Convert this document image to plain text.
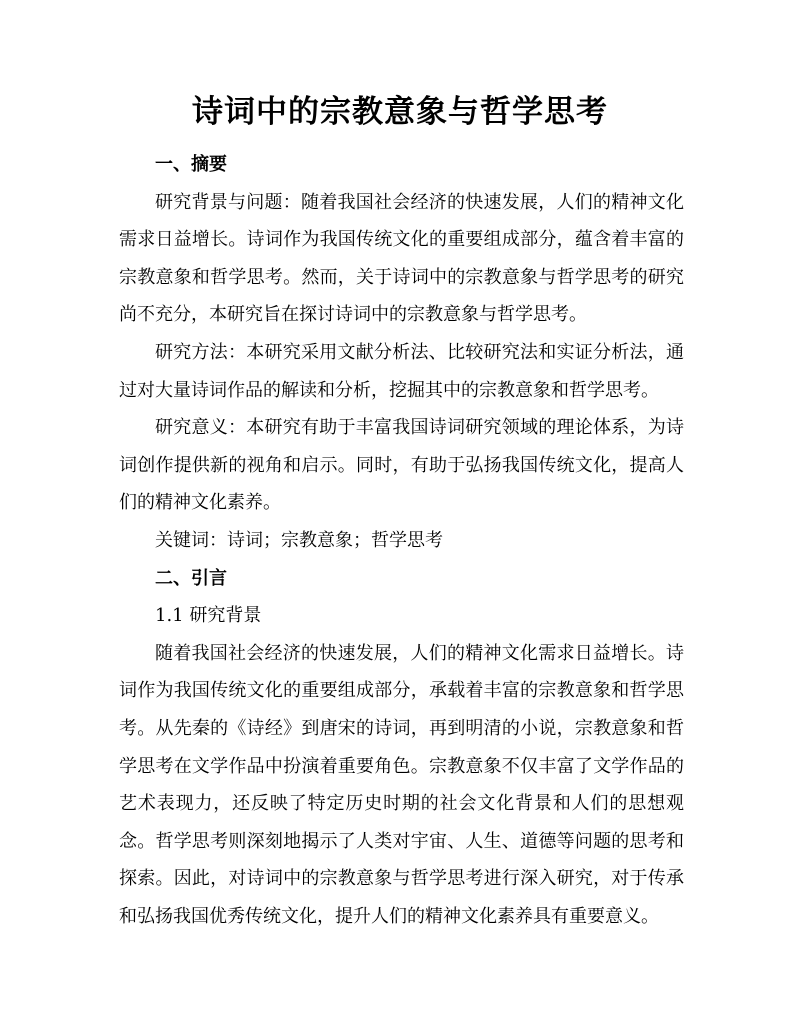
诗词中的宗教意象与哲学思考

一、摘要

研究背景与问题：随着我国社会经济的快速发展，人们的精神文化需求日益增长。诗词作为我国传统文化的重要组成部分，蕴含着丰富的宗教意象和哲学思考。然而，关于诗词中的宗教意象与哲学思考的研究尚不充分，本研究旨在探讨诗词中的宗教意象与哲学思考。

研究方法：本研究采用文献分析法、比较研究法和实证分析法，通过对大量诗词作品的解读和分析，挖掘其中的宗教意象和哲学思考。

研究意义：本研究有助于丰富我国诗词研究领域的理论体系，为诗词创作提供新的视角和启示。同时，有助于弘扬我国传统文化，提高人们的精神文化素养。

关键词：诗词；宗教意象；哲学思考

二、引言

1.1 研究背景

随着我国社会经济的快速发展，人们的精神文化需求日益增长。诗词作为我国传统文化的重要组成部分，承载着丰富的宗教意象和哲学思考。从先秦的《诗经》到唐宋的诗词，再到明清的小说，宗教意象和哲学思考在文学作品中扮演着重要角色。宗教意象不仅丰富了文学作品的艺术表现力，还反映了特定历史时期的社会文化背景和人们的思想观念。哲学思考则深刻地揭示了人类对宇宙、人生、道德等问题的思考和探索。因此，对诗词中的宗教意象与哲学思考进行深入研究，对于传承和弘扬我国优秀传统文化，提升人们的精神文化素养具有重要意义。
